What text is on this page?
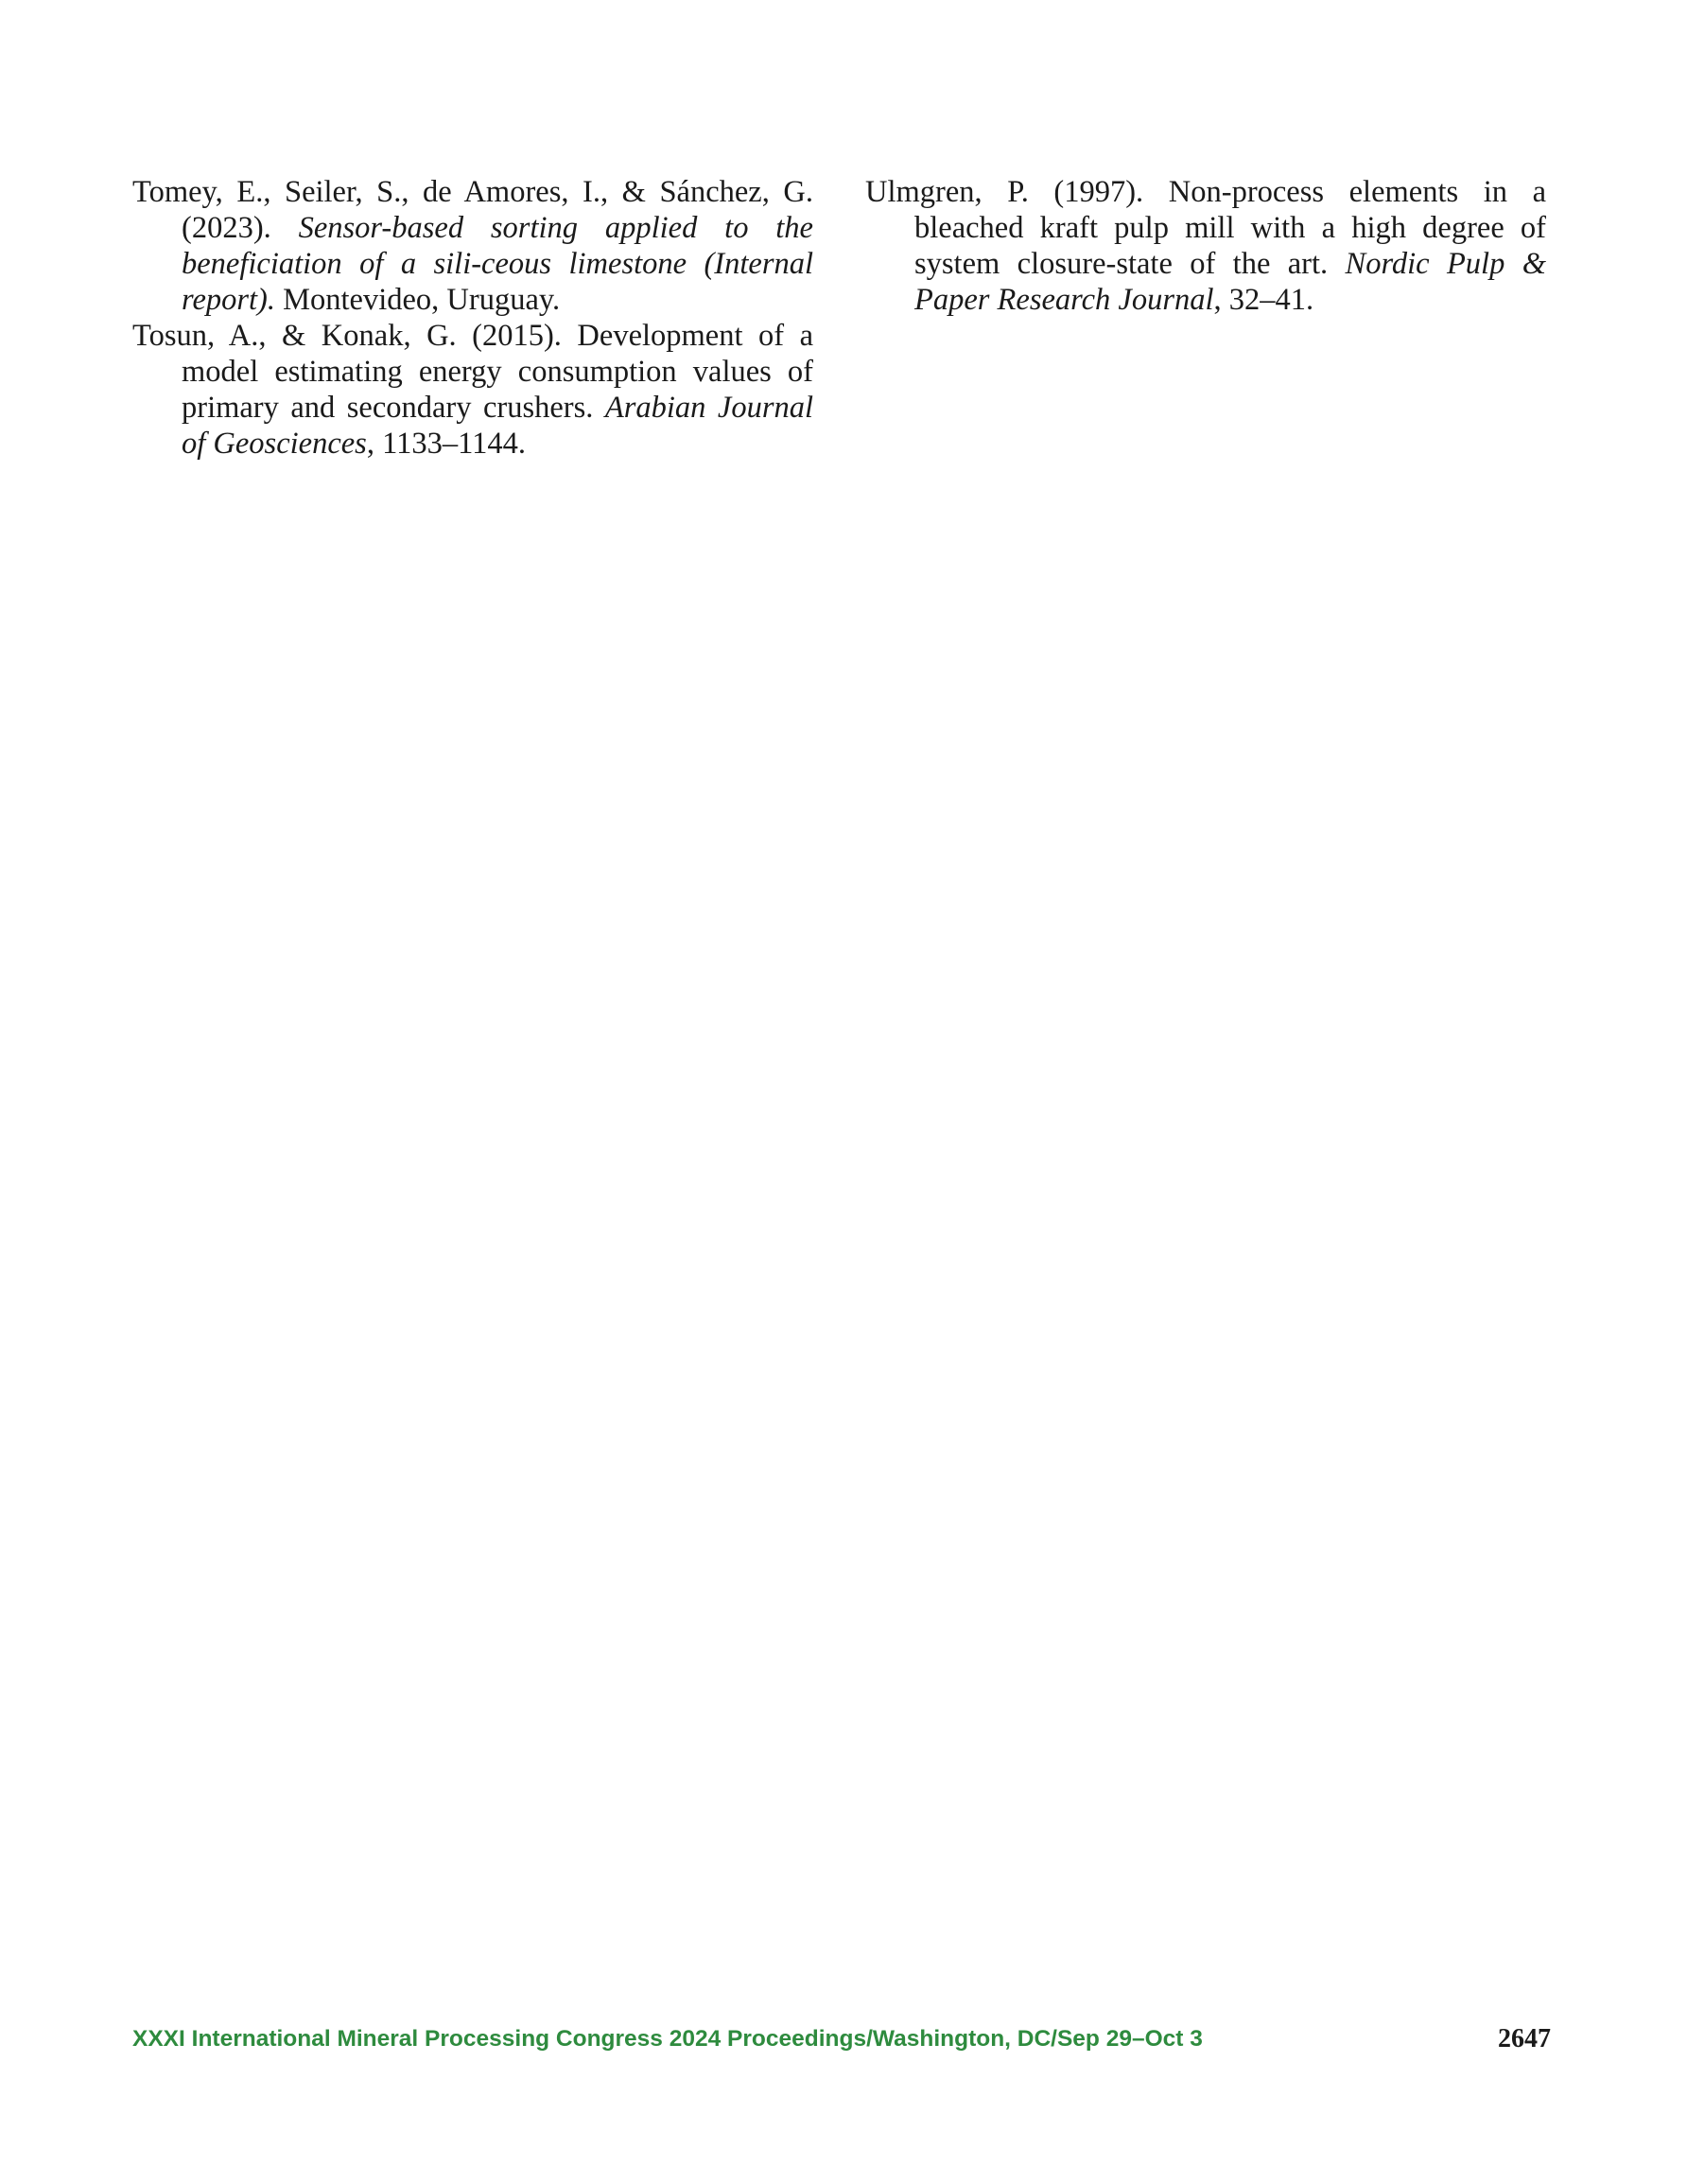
Tomey, E., Seiler, S., de Amores, I., & Sánchez, G. (2023). Sensor-based sorting applied to the beneficiation of a sili-ceous limestone (Internal report). Montevideo, Uruguay.

Tosun, A., & Konak, G. (2015). Development of a model estimating energy consumption values of primary and secondary crushers. Arabian Journal of Geosciences, 1133–1144.

Ulmgren, P. (1997). Non-process elements in a bleached kraft pulp mill with a high degree of system closure-state of the art. Nordic Pulp & Paper Research Journal, 32–41.

XXXI International Mineral Processing Congress 2024 Proceedings/Washington, DC/Sep 29–Oct 3	2647
